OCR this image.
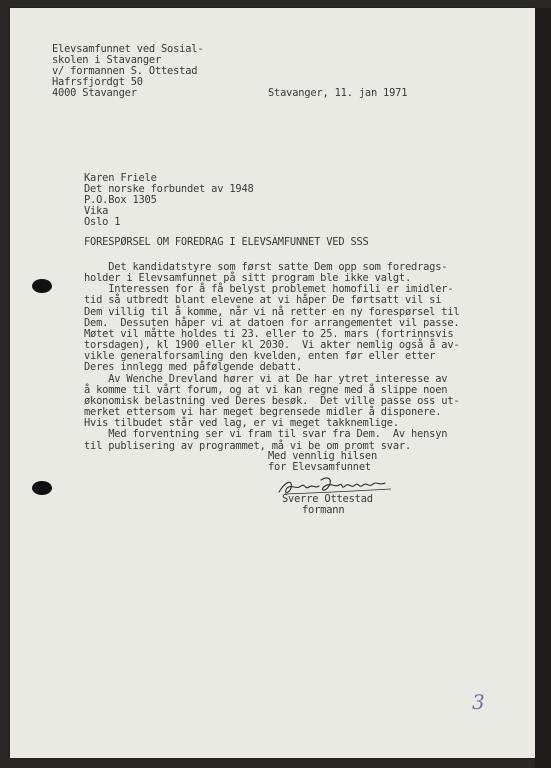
Elevsamfunnet ved Sosial-
skolen i Stavanger
v/ formannen S. Ottestad
Hafrsfjordgt 50
4000 Stavanger	Stavanger, 11. jan 1971
Karen Friele
Det norske forbundet av 1948
P.O.Box 1305
Vika
Oslo 1
FORESPØRSEL OM FOREDRAG I ELEVSAMFUNNET VED SSS
Det kandidatstyre som først satte Dem opp som foredrags-
holder i Elevsamfunnet på sitt program ble ikke valgt.
Interessen for å få belyst problemet homofili er imidler-
tid så utbredt blant elevene at vi håper De førtsatt vil si
Dem villig til å komme, når vi nå retter en ny forespørsel til
Dem.  Dessuten håper vi at datoen for arrangementet vil passe.
Møtet vil måtte holdes ti 23. eller to 25. mars (fortrinnsvis
torsdagen), kl 1900 eller kl 2030.  Vi akter nemlig også å av-
vikle generalforsamling den kvelden, enten før eller etter
Deres innlegg med påfølgende debatt.
Av Wenche Drevland hører vi at De har ytret interesse av
å komme til vårt forum, og at vi kan regne med å slippe noen
økonomisk belastning ved Deres besøk.  Det ville passe oss ut-
merket ettersom vi har meget begrensede midler å disponere.
Hvis tilbudet står ved lag, er vi meget takknemlige.
Med forventning ser vi fram til svar fra Dem.  Av hensyn
til publisering av programmet, må vi be om promt svar.
Med vennlig hilsen
for Elevsamfunnet
Sverre Ottestad
formann
3
